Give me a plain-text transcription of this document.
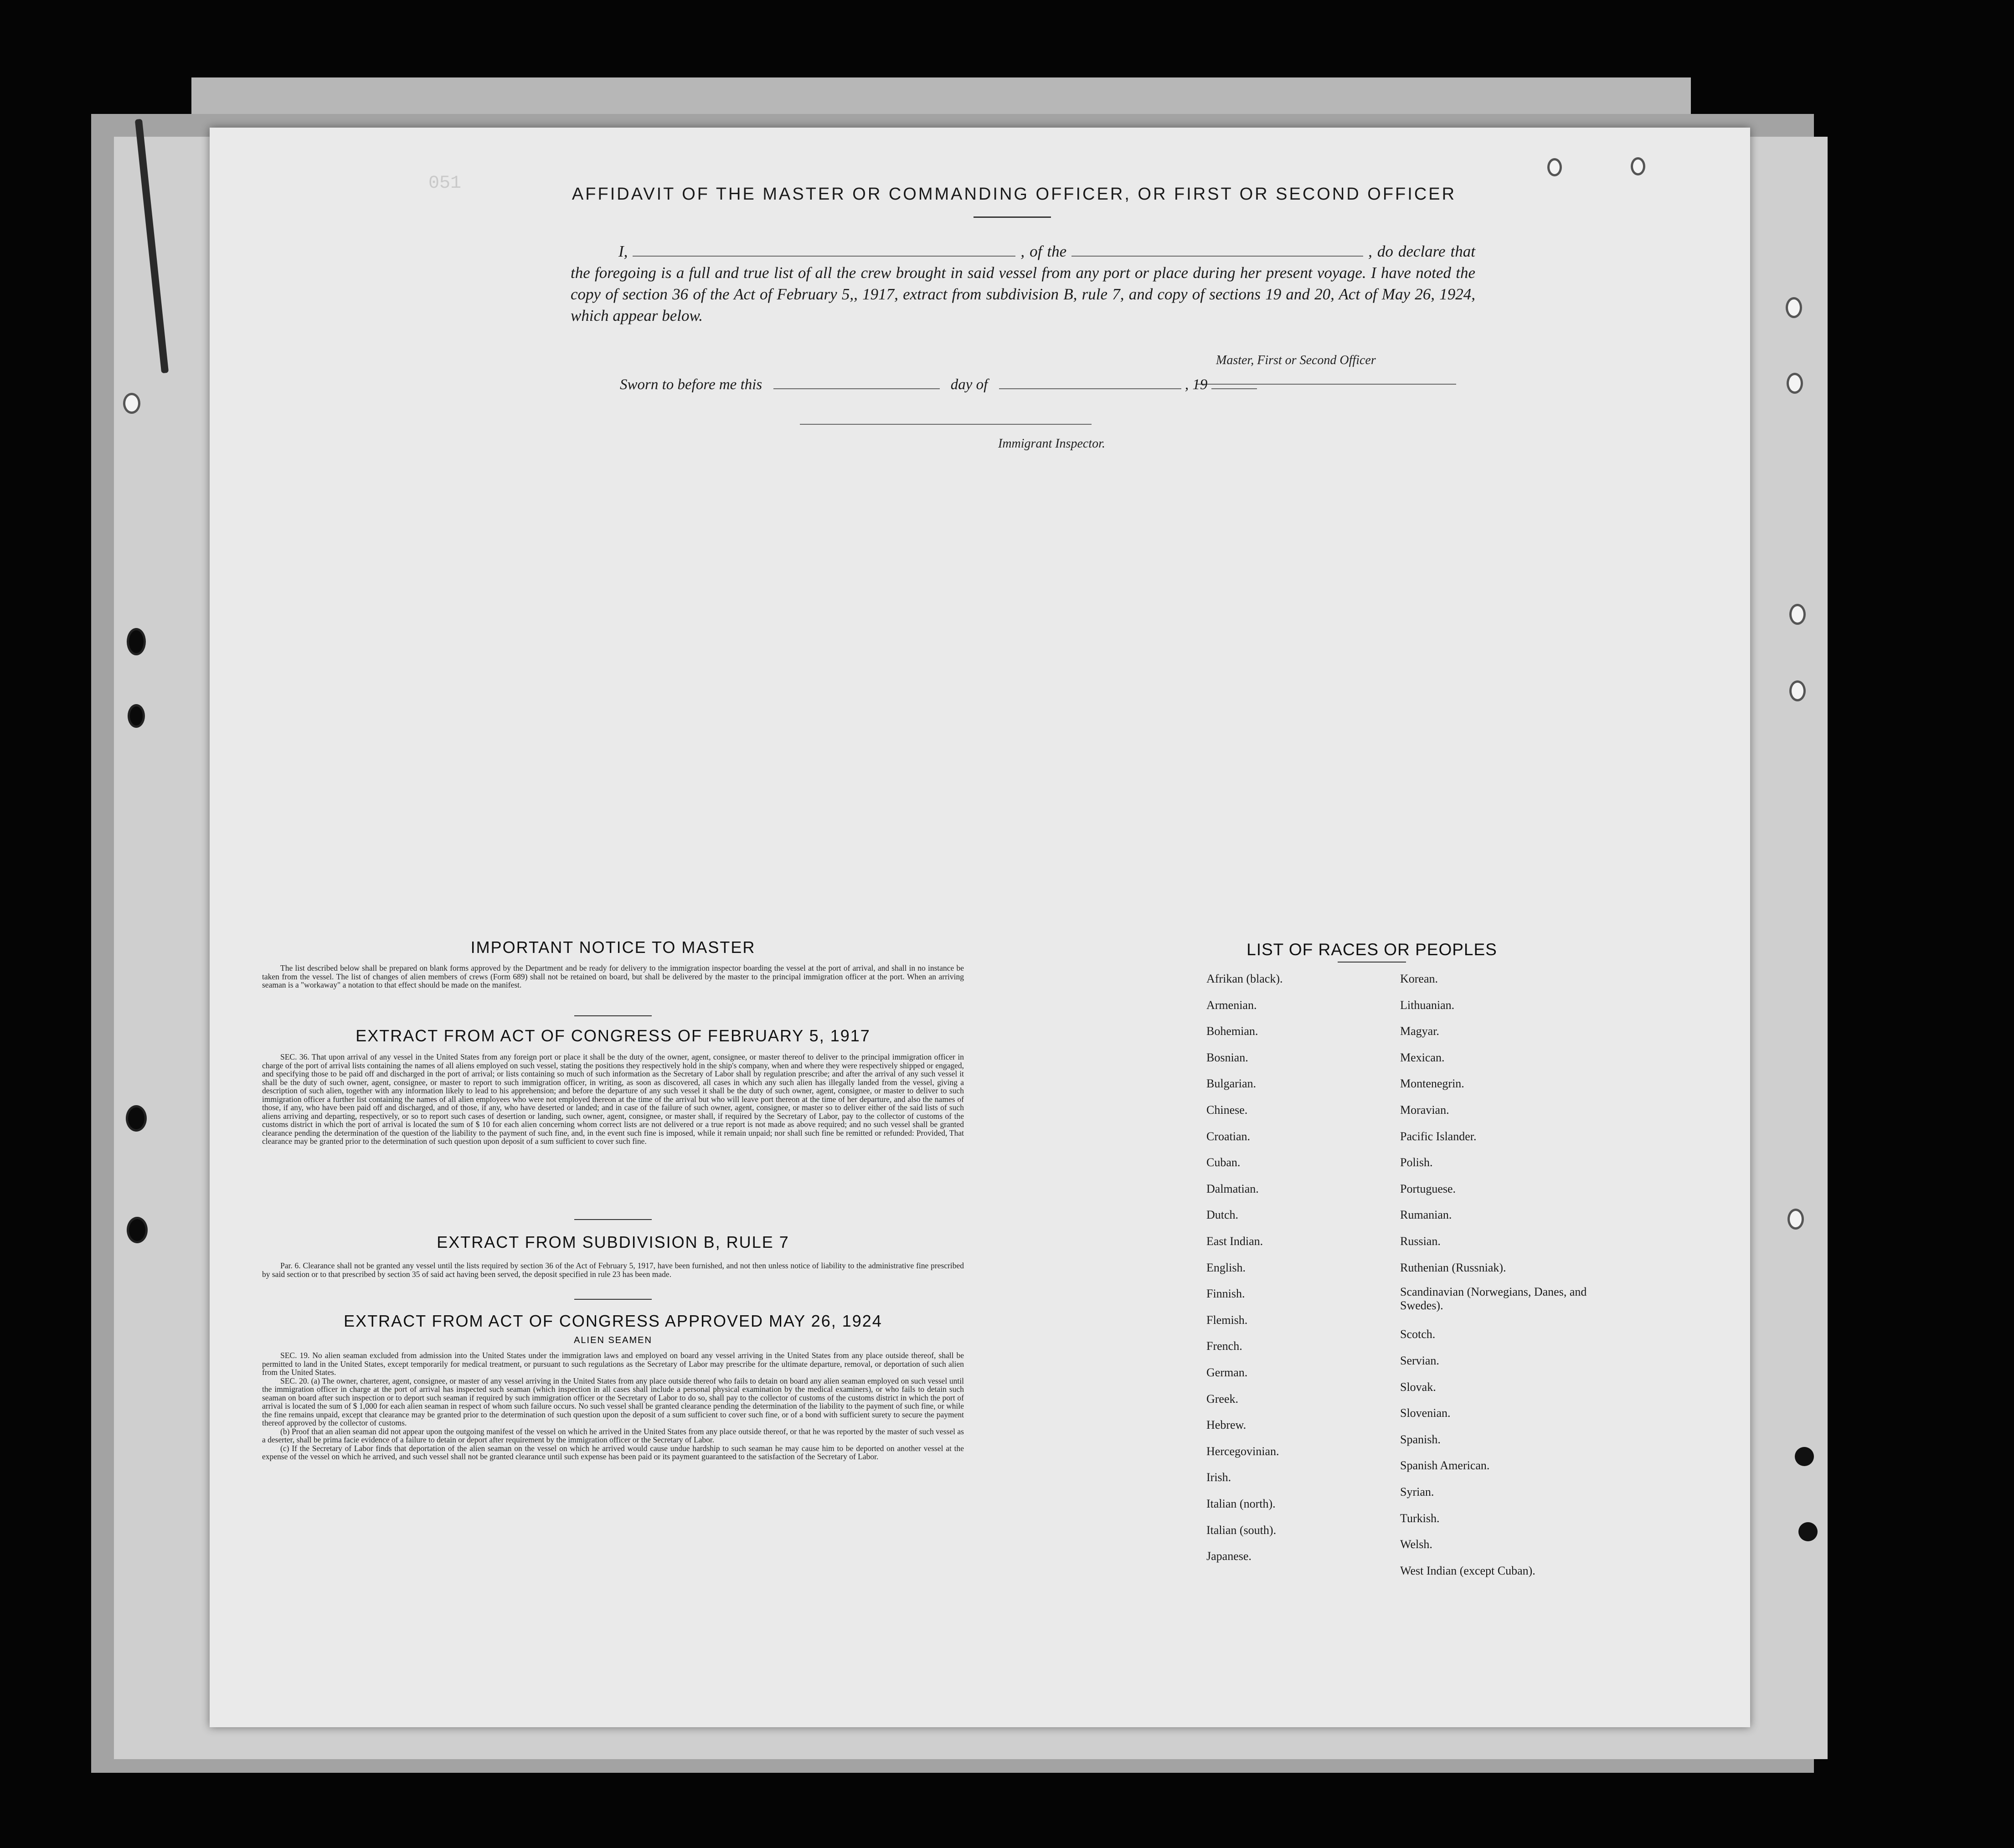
051
AFFIDAVIT OF THE MASTER OR COMMANDING OFFICER, OR FIRST OR SECOND OFFICER
I,	, of the	, do declare that the foregoing is a full and true list of all the crew brought in said vessel from any port or place during her present voyage. I have noted the copy of section 36 of the Act of February 5,, 1917, extract from subdivision B, rule 7, and copy of sections 19 and 20, Act of May 26, 1924, which appear below.
Master, First or Second Officer
Sworn to before me this	day of	, 19
Immigrant Inspector.
IMPORTANT NOTICE TO MASTER

The list described below shall be prepared on blank forms approved by the Department and be ready for delivery to the immigration inspector boarding the vessel at the port of arrival, and shall in no instance be taken from the vessel. The list of changes of alien members of crews (Form 689) shall not be retained on board, but shall be delivered by the master to the principal immigration officer at the port. When an arriving seaman is a "workaway" a notation to that effect should be made on the manifest.

EXTRACT FROM ACT OF CONGRESS OF FEBRUARY 5, 1917

SEC. 36. That upon arrival of any vessel in the United States from any foreign port or place it shall be the duty of the owner, agent, consignee, or master thereof to deliver to the principal immigration officer in charge of the port of arrival lists containing the names of all aliens employed on such vessel, stating the positions they respectively hold in the ship's company, when and where they were respectively shipped or engaged, and specifying those to be paid off and discharged in the port of arrival; or lists containing so much of such information as the Secretary of Labor shall by regulation prescribe; and after the arrival of any such vessel it shall be the duty of such owner, agent, consignee, or master to report to such immigration officer, in writing, as soon as discovered, all cases in which any such alien has illegally landed from the vessel, giving a description of such alien, together with any information likely to lead to his apprehension; and before the departure of any such vessel it shall be the duty of such owner, agent, consignee, or master to deliver to such immigration officer a further list containing the names of all alien employees who were not employed thereon at the time of the arrival but who will leave port thereon at the time of her departure, and also the names of those, if any, who have been paid off and discharged, and of those, if any, who have deserted or landed; and in case of the failure of such owner, agent, consignee, or master so to deliver either of the said lists of such aliens arriving and departing, respectively, or so to report such cases of desertion or landing, such owner, agent, consignee, or master shall, if required by the Secretary of Labor, pay to the collector of customs of the customs district in which the port of arrival is located the sum of $ 10 for each alien concerning whom correct lists are not delivered or a true report is not made as above required; and no such vessel shall be granted clearance pending the determination of the question of the liability to the payment of such fine, and, in the event such fine is imposed, while it remain unpaid; nor shall such fine be remitted or refunded: Provided, That clearance may be granted prior to the determination of such question upon deposit of a sum sufficient to cover such fine.

EXTRACT FROM SUBDIVISION B, RULE 7

Par. 6. Clearance shall not be granted any vessel until the lists required by section 36 of the Act of February 5, 1917, have been furnished, and not then unless notice of liability to the administrative fine prescribed by said section or to that prescribed by section 35 of said act having been served, the deposit specified in rule 23 has been made.

EXTRACT FROM ACT OF CONGRESS APPROVED MAY 26, 1924
ALIEN SEAMEN

SEC. 19. No alien seaman excluded from admission into the United States under the immigration laws and employed on board any vessel arriving in the United States from any place outside thereof, shall be permitted to land in the United States, except temporarily for medical treatment, or pursuant to such regulations as the Secretary of Labor may prescribe for the ultimate departure, removal, or deportation of such alien from the United States.

SEC. 20. (a) The owner, charterer, agent, consignee, or master of any vessel arriving in the United States from any place outside thereof who fails to detain on board any alien seaman employed on such vessel until the immigration officer in charge at the port of arrival has inspected such seaman (which inspection in all cases shall include a personal physical examination by the medical examiners), or who fails to detain such seaman on board after such inspection or to deport such seaman if required by such immigration officer or the Secretary of Labor to do so, shall pay to the collector of customs of the customs district in which the port of arrival is located the sum of $ 1,000 for each alien seaman in respect of whom such failure occurs. No such vessel shall be granted clearance pending the determination of the liability to the payment of such fine, or while the fine remains unpaid, except that clearance may be granted prior to the determination of such question upon the deposit of a sum sufficient to cover such fine, or of a bond with sufficient surety to secure the payment thereof approved by the collector of customs.

(b) Proof that an alien seaman did not appear upon the outgoing manifest of the vessel on which he arrived in the United States from any place outside thereof, or that he was reported by the master of such vessel as a deserter, shall be prima facie evidence of a failure to detain or deport after requirement by the immigration officer or the Secretary of Labor.

(c) If the Secretary of Labor finds that deportation of the alien seaman on the vessel on which he arrived would cause undue hardship to such seaman he may cause him to be deported on another vessel at the expense of the vessel on which he arrived, and such vessel shall not be granted clearance until such expense has been paid or its payment guaranteed to the satisfaction of the Secretary of Labor.

LIST OF RACES OR PEOPLES
Afrikan (black).
Armenian.
Bohemian.
Bosnian.
Bulgarian.
Chinese.
Croatian.
Cuban.
Dalmatian.
Dutch.
East Indian.
English.
Finnish.
Flemish.
French.
German.
Greek.
Hebrew.
Hercegovinian.
Irish.
Italian (north).
Italian (south).
Japanese.
Korean.
Lithuanian.
Magyar.
Mexican.
Montenegrin.
Moravian.
Pacific Islander.
Polish.
Portuguese.
Rumanian.
Russian.
Ruthenian (Russniak).
Scandinavian (Norwegians, Danes, and Swedes).
Scotch.
Servian.
Slovak.
Slovenian.
Spanish.
Spanish American.
Syrian.
Turkish.
Welsh.
West Indian (except Cuban).
